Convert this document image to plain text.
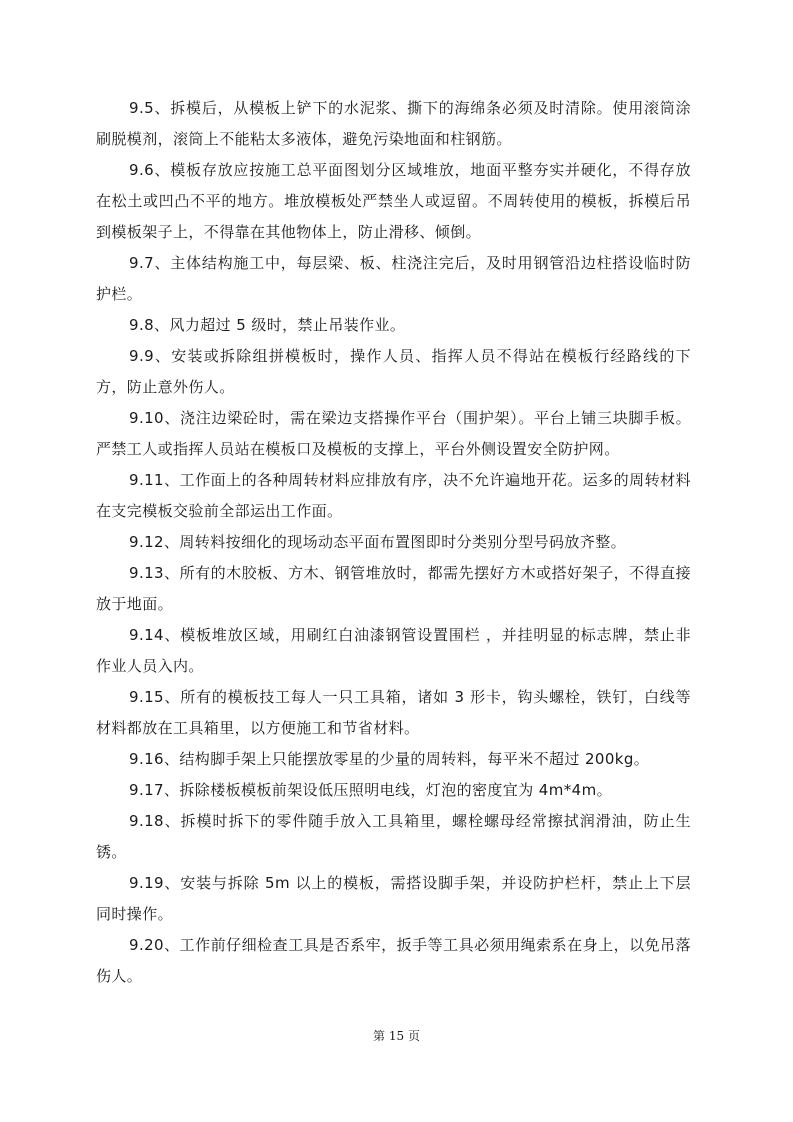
9.5、拆模后，从模板上铲下的水泥浆、撕下的海绵条必须及时清除。使用滚筒涂刷脱模剂，滚筒上不能粘太多液体，避免污染地面和柱钢筋。

9.6、模板存放应按施工总平面图划分区域堆放，地面平整夯实并硬化，不得存放在松土或凹凸不平的地方。堆放模板处严禁坐人或逗留。不周转使用的模板，拆模后吊到模板架子上，不得靠在其他物体上，防止滑移、倾倒。

9.7、主体结构施工中，每层梁、板、柱浇注完后，及时用钢管沿边柱搭设临时防护栏。

9.8、风力超过 5 级时，禁止吊装作业。

9.9、安装或拆除组拼模板时，操作人员、指挥人员不得站在模板行经路线的下方，防止意外伤人。

9.10、浇注边梁砼时，需在梁边支搭操作平台（围护架）。平台上铺三块脚手板。严禁工人或指挥人员站在模板口及模板的支撑上，平台外侧设置安全防护网。

9.11、工作面上的各种周转材料应排放有序，决不允许遍地开花。运多的周转材料在支完模板交验前全部运出工作面。

9.12、周转料按细化的现场动态平面布置图即时分类别分型号码放齐整。

9.13、所有的木胶板、方木、钢管堆放时，都需先摆好方木或搭好架子，不得直接放于地面。

9.14、模板堆放区域，用刷红白油漆钢管设置围栏 ，并挂明显的标志牌，禁止非作业人员入内。

9.15、所有的模板技工每人一只工具箱，诸如 3 形卡，钩头螺栓，铁钉，白线等材料都放在工具箱里，以方便施工和节省材料。

9.16、结构脚手架上只能摆放零星的少量的周转料，每平米不超过 200kg。

9.17、拆除楼板模板前架设低压照明电线，灯泡的密度宜为 4m*4m。

9.18、拆模时拆下的零件随手放入工具箱里，螺栓螺母经常擦拭润滑油，防止生锈。

9.19、安装与拆除 5m 以上的模板，需搭设脚手架，并设防护栏杆，禁止上下层同时操作。

9.20、工作前仔细检查工具是否系牢，扳手等工具必须用绳索系在身上，以免吊落伤人。

第 15 页
